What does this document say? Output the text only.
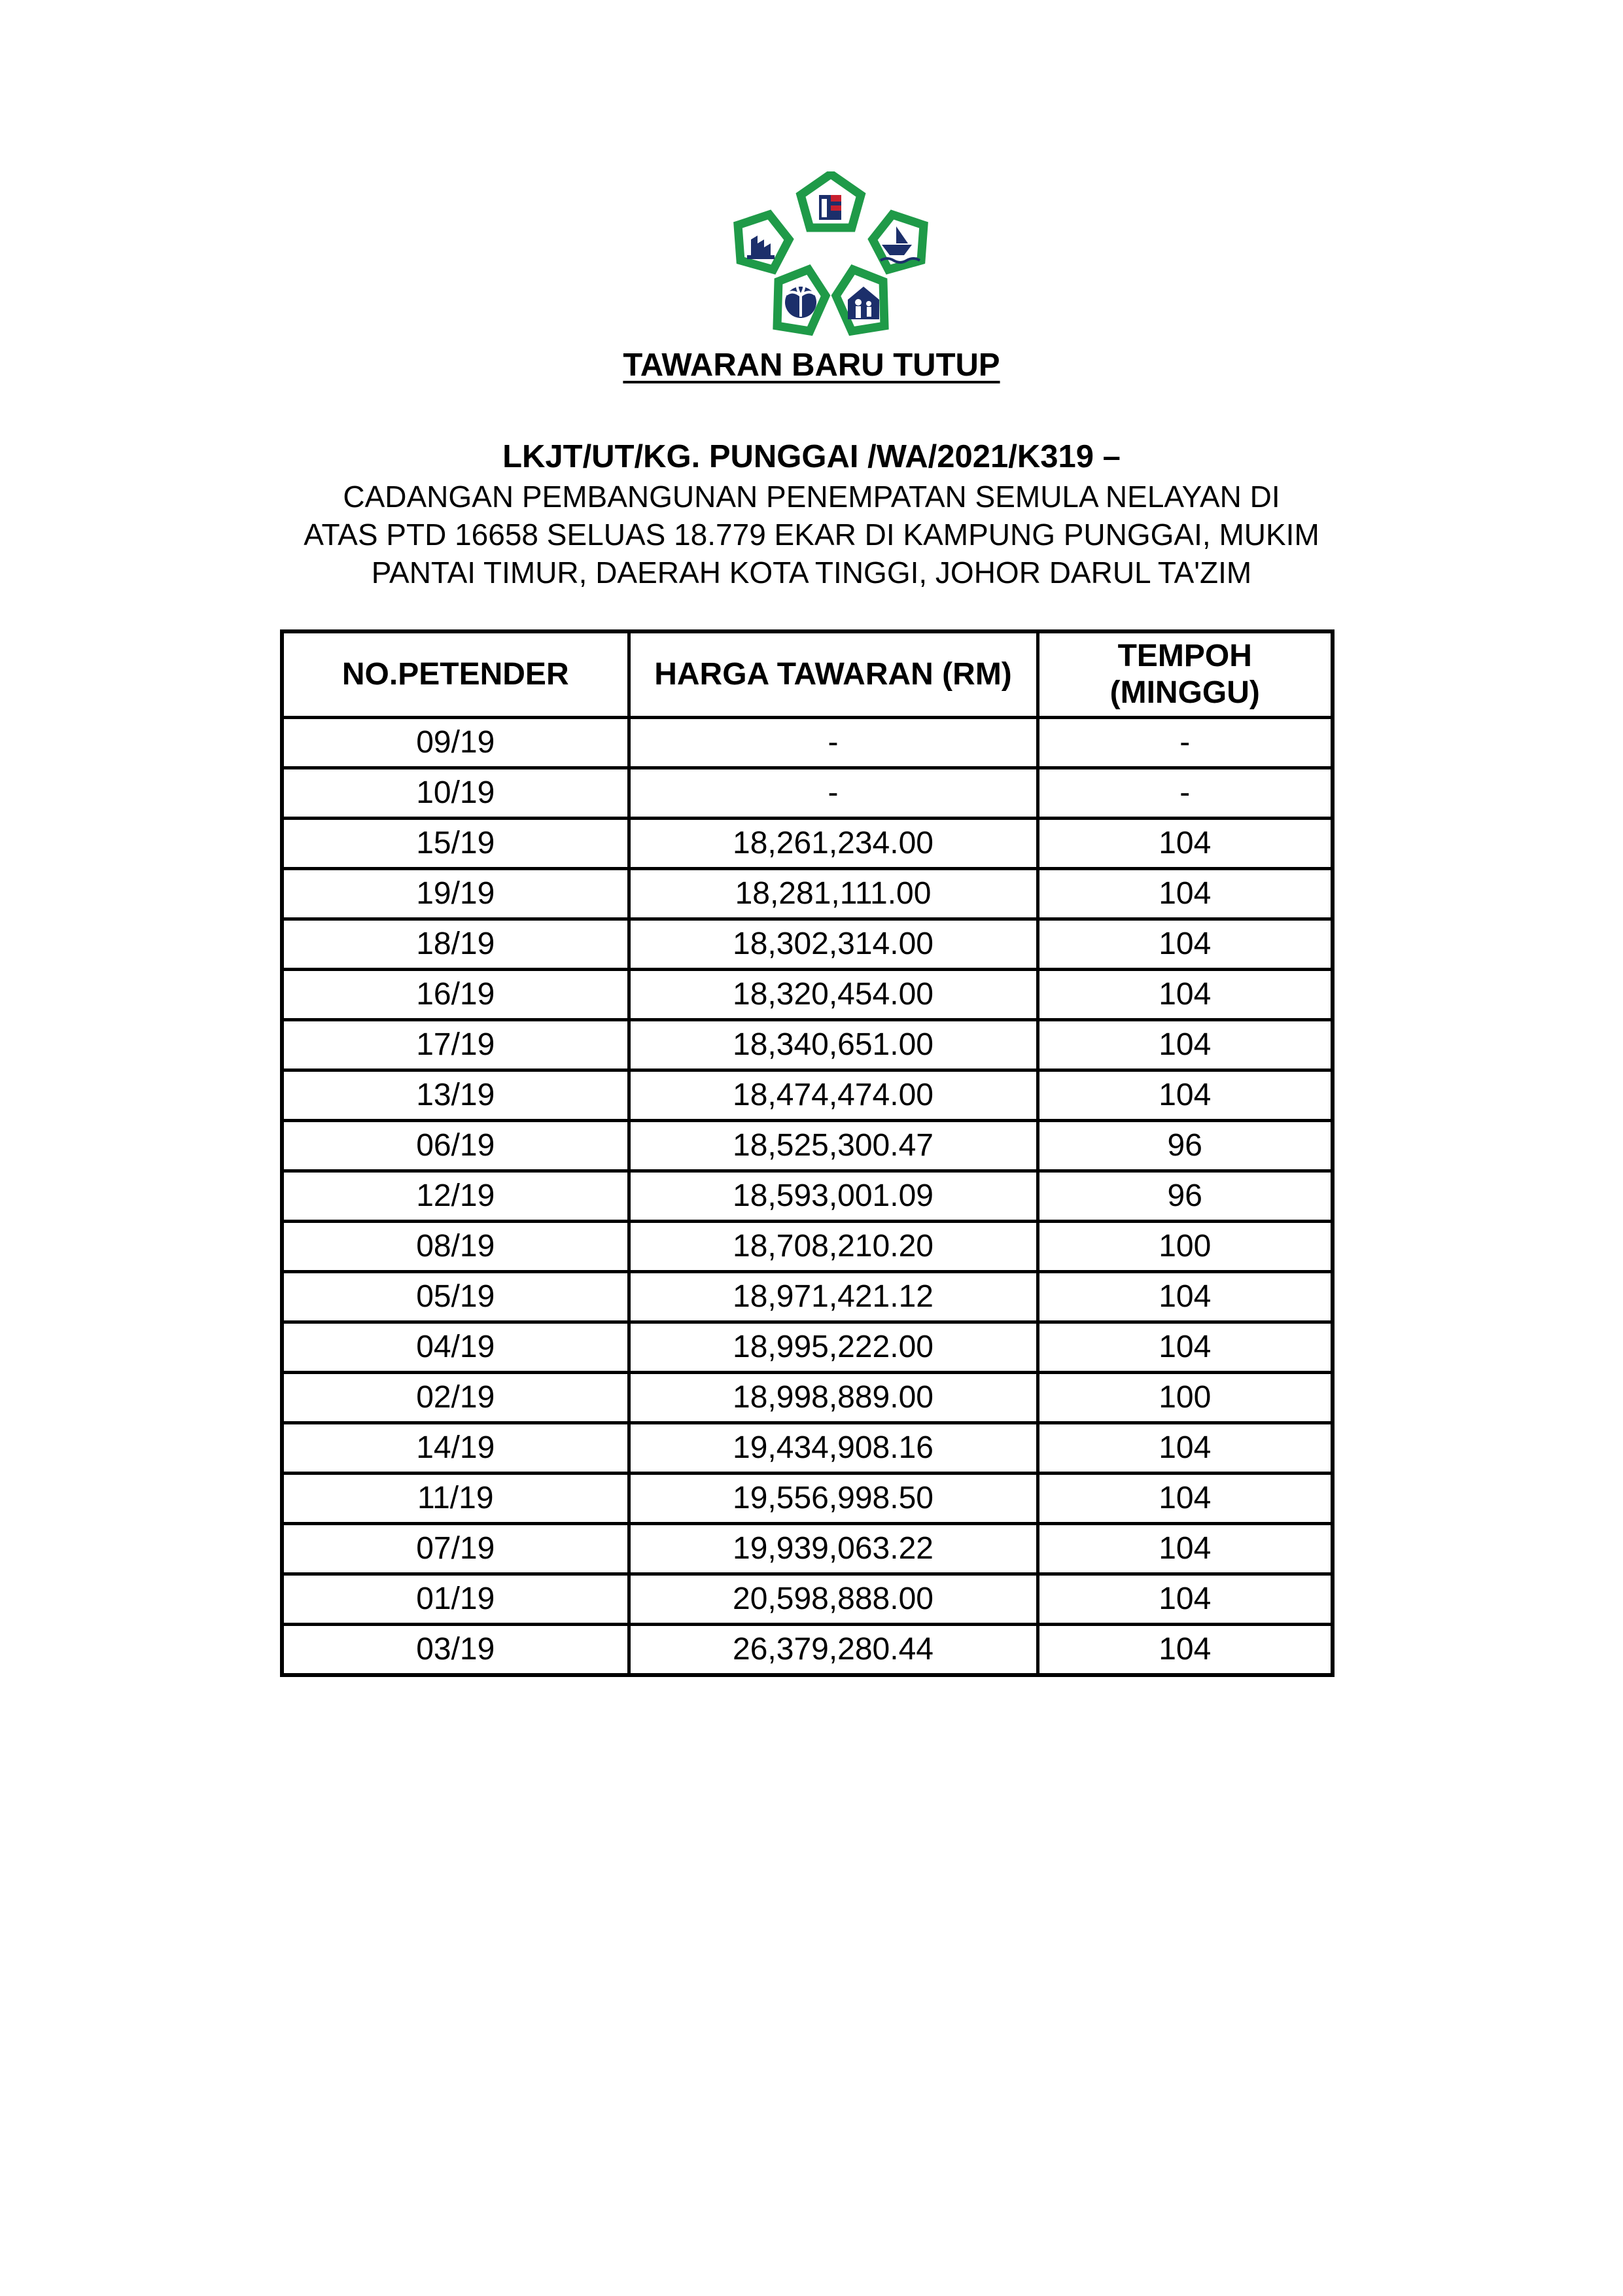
TAWARAN BARU TUTUP
LKJT/UT/KG. PUNGGAI /WA/2021/K319 –
CADANGAN PEMBANGUNAN PENEMPATAN SEMULA NELAYAN DI
ATAS PTD 16658 SELUAS 18.779 EKAR DI KAMPUNG PUNGGAI, MUKIM
PANTAI TIMUR, DAERAH KOTA TINGGI, JOHOR DARUL TA'ZIM
NO.PETENDER	HARGA TAWARAN (RM)	TEMPOH
(MINGGU)

09/19	-	-
10/19	-	-
15/19	18,261,234.00	104
19/19	18,281,111.00	104
18/19	18,302,314.00	104
16/19	18,320,454.00	104
17/19	18,340,651.00	104
13/19	18,474,474.00	104
06/19	18,525,300.47	96
12/19	18,593,001.09	96
08/19	18,708,210.20	100
05/19	18,971,421.12	104
04/19	18,995,222.00	104
02/19	18,998,889.00	100
14/19	19,434,908.16	104
11/19	19,556,998.50	104
07/19	19,939,063.22	104
01/19	20,598,888.00	104
03/19	26,379,280.44	104
